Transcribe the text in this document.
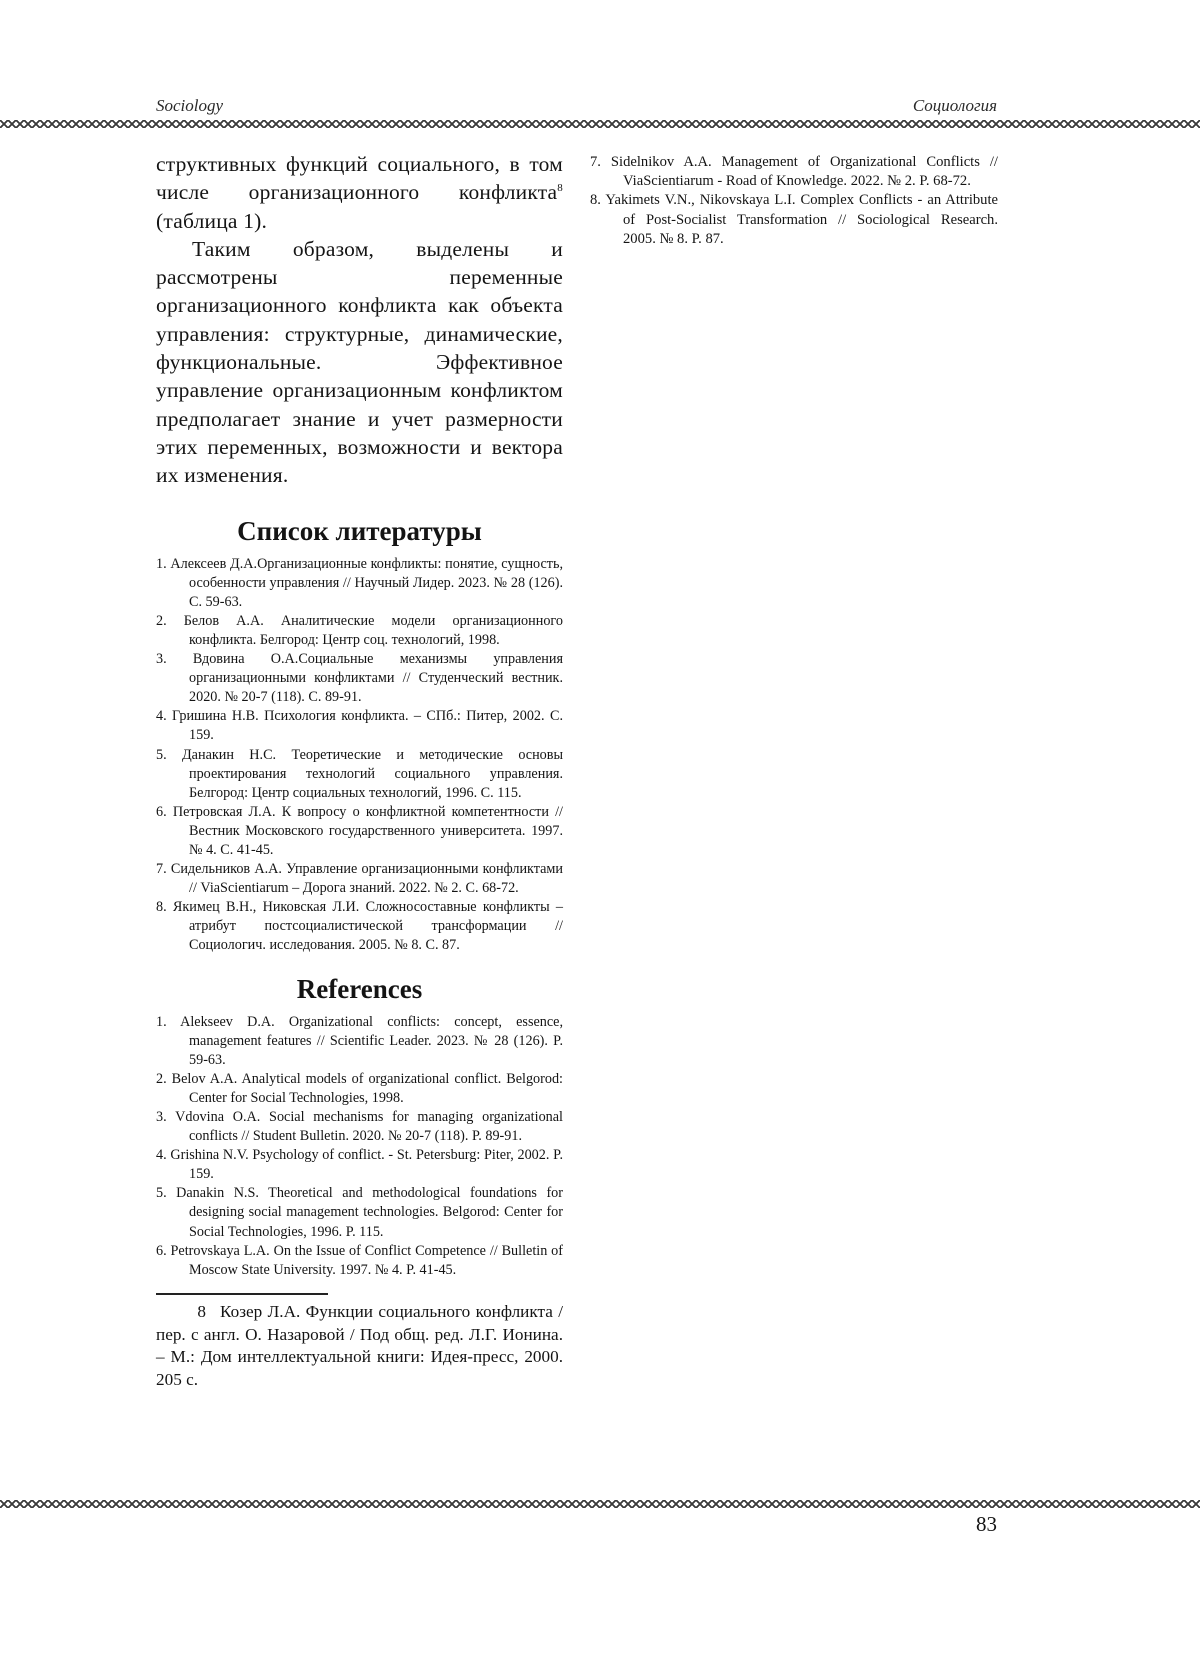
Sociology	Социология

структивных функций социального, в том числе организационного конфликта$^8$ (таблица 1).

Таким образом, выделены и рассмотрены переменные организационного конфликта как объекта управления: структурные, динамические, функциональные. Эффективное управление организационным конфликтом предполагает знание и учет размерности этих переменных, возможности и вектора их изменения.

Список литературы
1. Алексеев Д.А.Организационные конфликты: понятие, сущность, особенности управления // Научный Лидер. 2023. № 28 (126). С. 59-63.
2. Белов А.А. Аналитические модели организационного конфликта. Белгород: Центр соц. технологий, 1998.
3. Вдовина О.А.Социальные механизмы управления организационными конфликтами // Студенческий вестник. 2020. № 20-7 (118). С. 89-91.
4. Гришина Н.В. Психология конфликта. – СПб.: Питер, 2002. С. 159.
5. Данакин Н.С. Теоретические и методические основы проектирования технологий социального управления. Белгород: Центр социальных технологий, 1996. С. 115.
6. Петровская Л.А. К вопросу о конфликтной компетентности // Вестник Московского государственного университета. 1997. № 4. С. 41-45.
7. Сидельников А.А. Управление организационными конфликтами // ViaScientiarum – Дорога знаний. 2022. № 2. С. 68-72.
8. Якимец В.Н., Никовская Л.И. Сложносоставные конфликты – атрибут постсоциалистической трансформации // Социологич. исследования. 2005. № 8. С. 87.
References
1. Alekseev D.A. Organizational conflicts: concept, essence, management features // Scientific Leader. 2023. № 28 (126). P. 59-63.
2. Belov A.A. Analytical models of organizational conflict. Belgorod: Center for Social Technologies, 1998.
3. Vdovina O.A. Social mechanisms for managing organizational conflicts // Student Bulletin. 2020. № 20-7 (118). P. 89-91.
4. Grishina N.V. Psychology of conflict. - St. Petersburg: Piter, 2002. P. 159.
5. Danakin N.S. Theoretical and methodological foundations for designing social management technologies. Belgorod: Center for Social Technologies, 1996. P. 115.
6. Petrovskaya L.A. On the Issue of Conflict Competence // Bulletin of Moscow State University. 1997. № 4. P. 41-45.

8 Козер Л.А. Функции социального конфликта / пер. с англ. О. Назаровой / Под общ. ред. Л.Г. Ионина. – М.: Дом интеллектуальной книги: Идея-пресс, 2000. 205 с.

7. Sidelnikov A.A. Management of Organizational Conflicts // ViaScientiarum - Road of Knowledge. 2022. № 2. P. 68-72.
8. Yakimets V.N., Nikovskaya L.I. Complex Conflicts - an Attribute of Post-Socialist Transformation // Sociological Research. 2005. № 8. P. 87.
83
